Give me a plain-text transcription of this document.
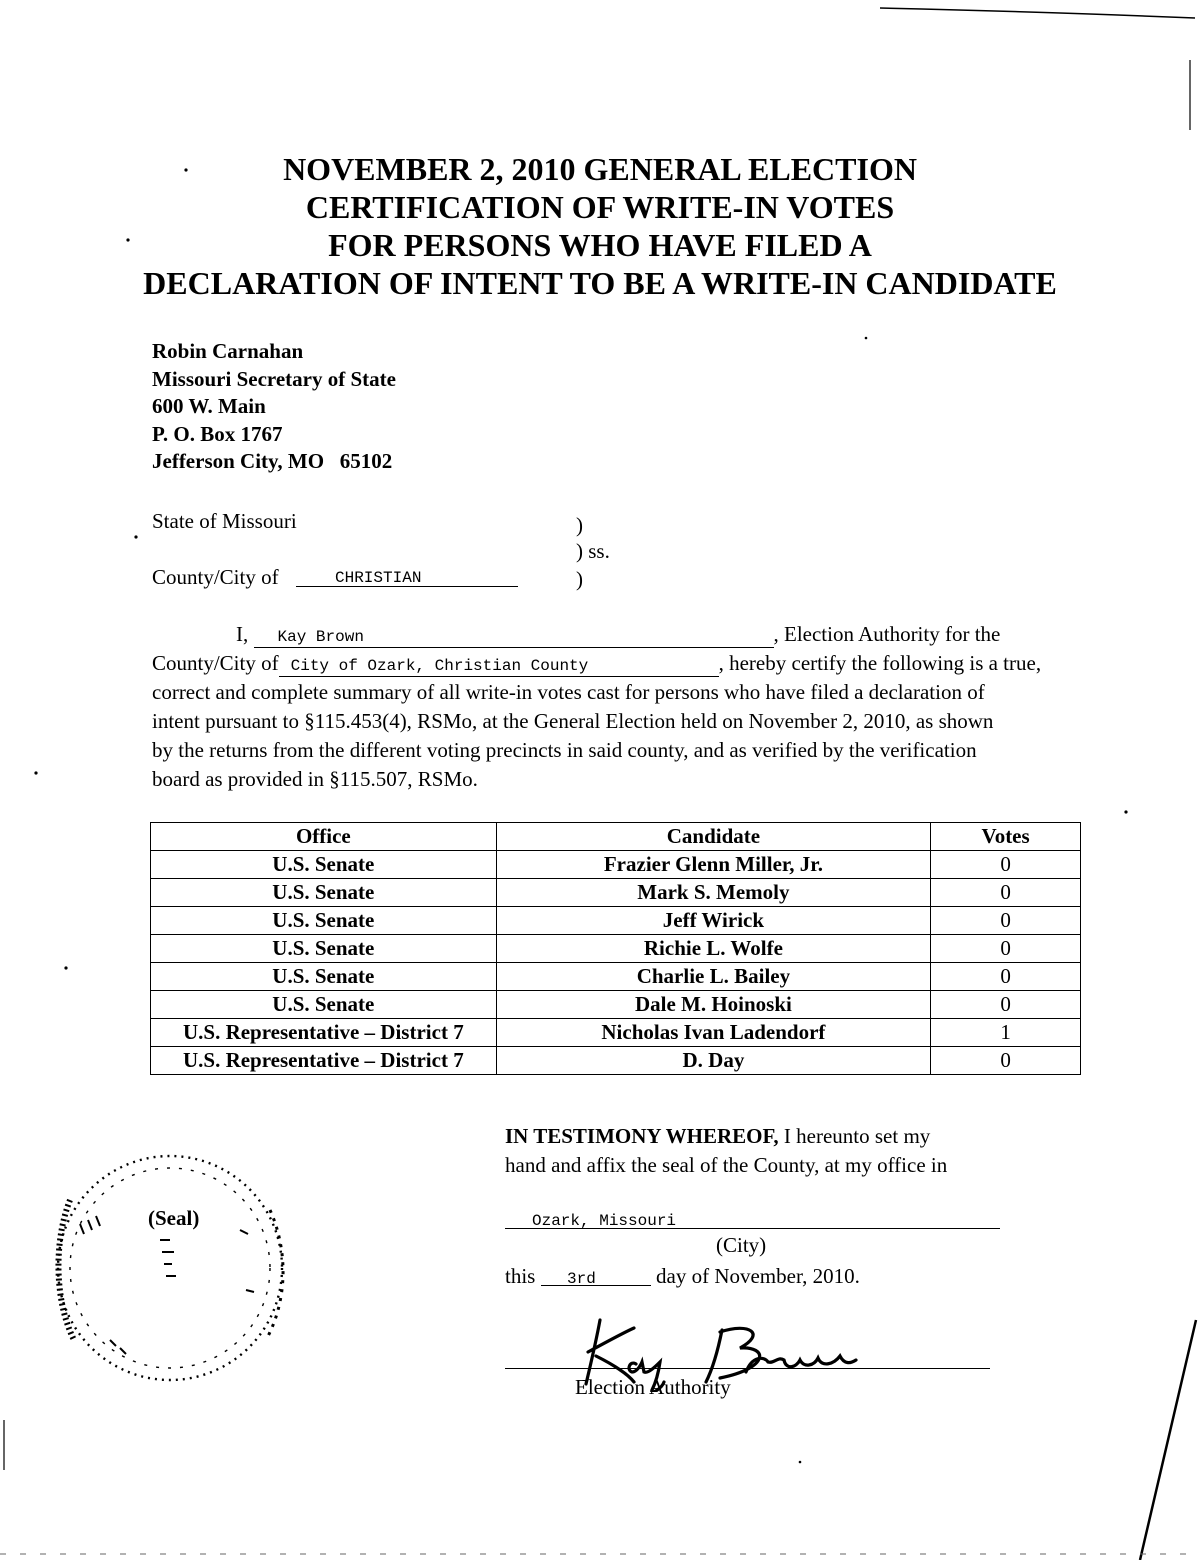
NOVEMBER 2, 2010 GENERAL ELECTION
CERTIFICATION OF WRITE-IN VOTES
FOR PERSONS WHO HAVE FILED A
DECLARATION OF INTENT TO BE A WRITE-IN CANDIDATE
Robin Carnahan
Missouri Secretary of State
600 W. Main
P. O. Box 1767
Jefferson City, MO   65102
State of Missouri	)
) ss.
)
County/City of	CHRISTIAN
I, Kay Brown	, Election Authority for the
County/City of City of Ozark, Christian County	, hereby certify the following is a true,
correct and complete summary of all write-in votes cast for persons who have filed a declaration of
intent pursuant to §115.453(4), RSMo, at the General Election held on November 2, 2010, as shown
by the returns from the different voting precincts in said county, and as verified by the verification
board as provided in §115.507, RSMo.
Office	Candidate	Votes
U.S. Senate	Frazier Glenn Miller, Jr.	0
U.S. Senate	Mark S. Memoly	0
U.S. Senate	Jeff Wirick	0
U.S. Senate	Richie L. Wolfe	0
U.S. Senate	Charlie L. Bailey	0
U.S. Senate	Dale M. Hoinoski	0
U.S. Representative – District 7	Nicholas Ivan Ladendorf	1
U.S. Representative – District 7	D. Day	0
IN TESTIMONY WHEREOF, I hereunto set my
hand and affix the seal of the County, at my office in
Ozark, Missouri
(City)
this 3rd	day of November, 2010.
Election Authority
(Seal)
